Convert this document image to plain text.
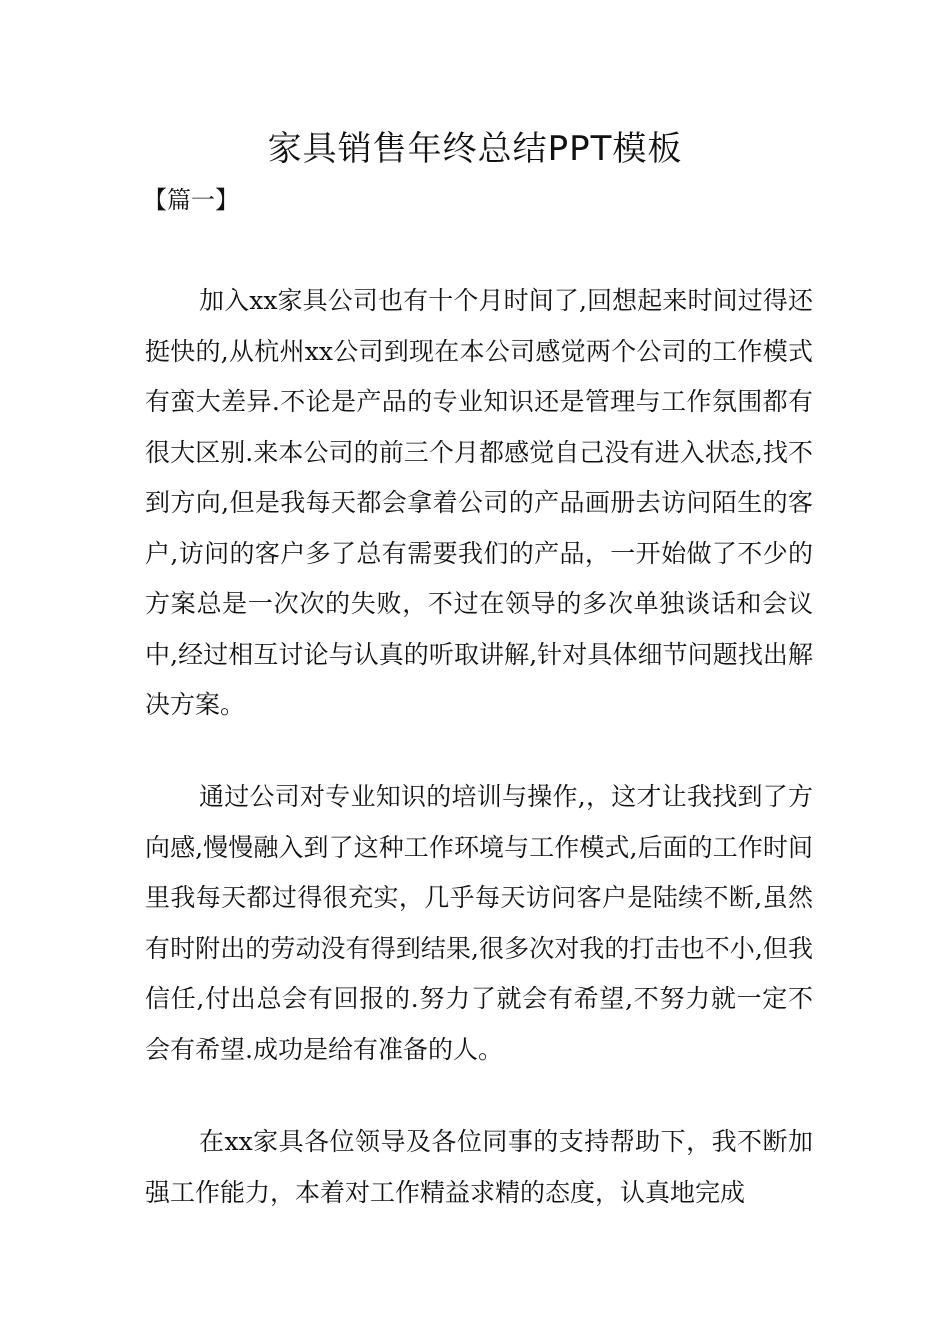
家具销售年终总结PPT模板
【篇一】

加入xx家具公司也有十个月时间了,回想起来时间过得还挺快的,从杭州xx公司到现在本公司感觉两个公司的工作模式有蛮大差异.不论是产品的专业知识还是管理与工作氛围都有很大区别.来本公司的前三个月都感觉自己没有进入状态,找不到方向,但是我每天都会拿着公司的产品画册去访问陌生的客户,访问的客户多了总有需要我们的产品，一开始做了不少的方案总是一次次的失败，不过在领导的多次单独谈话和会议中,经过相互讨论与认真的听取讲解,针对具体细节问题找出解决方案。

通过公司对专业知识的培训与操作,，这才让我找到了方向感,慢慢融入到了这种工作环境与工作模式,后面的工作时间里我每天都过得很充实，几乎每天访问客户是陆续不断,虽然有时附出的劳动没有得到结果,很多次对我的打击也不小,但我信任,付出总会有回报的.努力了就会有希望,不努力就一定不会有希望.成功是给有准备的人。

在xx家具各位领导及各位同事的支持帮助下，我不断加强工作能力，本着对工作精益求精的态度，认真地完成
